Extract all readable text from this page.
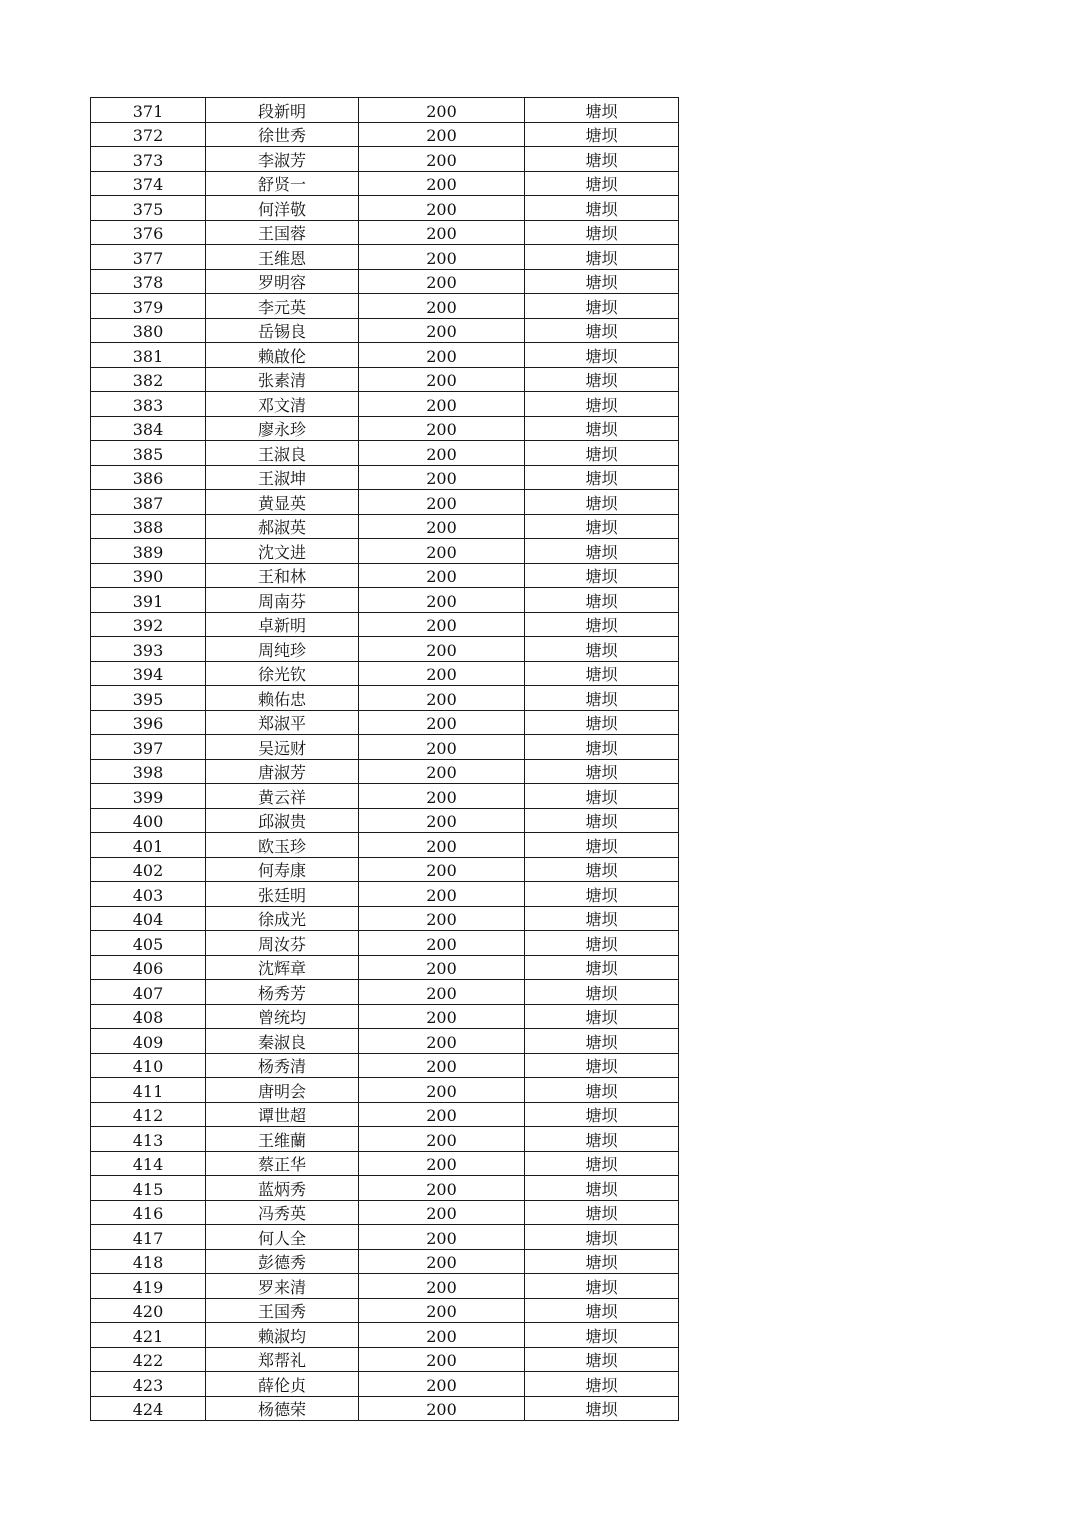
371	段新明	200	塘坝
372	徐世秀	200	塘坝
373	李淑芳	200	塘坝
374	舒贤一	200	塘坝
375	何洋敬	200	塘坝
376	王国蓉	200	塘坝
377	王维恩	200	塘坝
378	罗明容	200	塘坝
379	李元英	200	塘坝
380	岳锡良	200	塘坝
381	赖啟伦	200	塘坝
382	张素清	200	塘坝
383	邓文清	200	塘坝
384	廖永珍	200	塘坝
385	王淑良	200	塘坝
386	王淑坤	200	塘坝
387	黄显英	200	塘坝
388	郝淑英	200	塘坝
389	沈文进	200	塘坝
390	王和林	200	塘坝
391	周南芬	200	塘坝
392	卓新明	200	塘坝
393	周纯珍	200	塘坝
394	徐光钦	200	塘坝
395	赖佑忠	200	塘坝
396	郑淑平	200	塘坝
397	吴远财	200	塘坝
398	唐淑芳	200	塘坝
399	黄云祥	200	塘坝
400	邱淑贵	200	塘坝
401	欧玉珍	200	塘坝
402	何寿康	200	塘坝
403	张廷明	200	塘坝
404	徐成光	200	塘坝
405	周汝芬	200	塘坝
406	沈辉章	200	塘坝
407	杨秀芳	200	塘坝
408	曾统均	200	塘坝
409	秦淑良	200	塘坝
410	杨秀清	200	塘坝
411	唐明会	200	塘坝
412	谭世超	200	塘坝
413	王维蘭	200	塘坝
414	蔡正华	200	塘坝
415	蓝炳秀	200	塘坝
416	冯秀英	200	塘坝
417	何人全	200	塘坝
418	彭德秀	200	塘坝
419	罗来清	200	塘坝
420	王国秀	200	塘坝
421	赖淑均	200	塘坝
422	郑帮礼	200	塘坝
423	薛伦贞	200	塘坝
424	杨德荣	200	塘坝
